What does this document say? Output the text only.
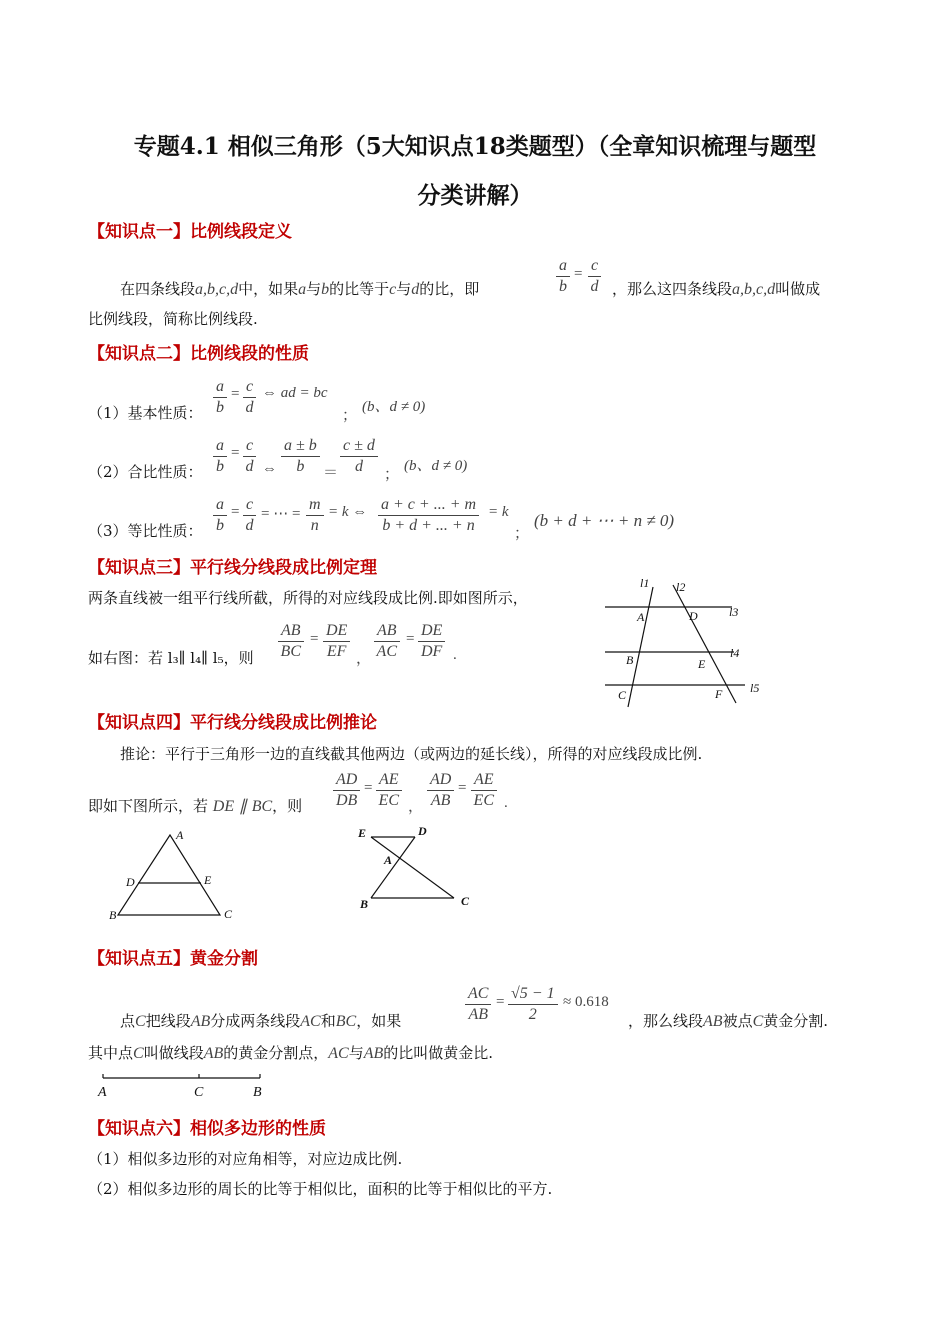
专题4.1 相似三角形（5大知识点18类题型）（全章知识梳理与题型
分类讲解）
【知识点一】比例线段定义
在四条线段a,b,c,d中，如果a与b的比等于c与d的比，即	$\frac{a}{b} = \frac{c}{d}$ ，那么这四条线段a,b,c,d叫做成
比例线段，简称比例线段.
【知识点二】比例线段的性质
（1）基本性质： $\frac{a}{b} = \frac{c}{d}$ ⇔ ad = bc
；
(b、d ≠ 0)
（2）合比性质： $\frac{a}{b} = \frac{c}{d}$ ⇔ $\frac{a \pm b}{b} = \frac{c \pm d}{d}$ ；
(b、d ≠ 0)
（3）等比性质： $\frac{a}{b} = \frac{c}{d}$ = ⋯ = $\frac{m}{n} = k$ ⇔ $\frac{a + c + ... + m}{b + d + ... + n} = k$
；
(b + d + ⋯ + n ≠ 0)
【知识点三】平行线分线段成比例定理
两条直线被一组平行线所截，所得的对应线段成比例.即如图所示，
如右图：若 l₃∥ l₄∥ l₅，则 $\frac{AB}{BC} = \frac{DE}{EF}$ ， $\frac{AB}{AC} = \frac{DE}{DF}$ .
l1 l2
l3
l4
l5
A	D
B	E
C	F
【知识点四】平行线分线段成比例推论
推论：平行于三角形一边的直线截其他两边（或两边的延长线），所得的对应线段成比例.
即如下图所示，若 DE ∥ BC，则 $\frac{AD}{DB} = \frac{AE}{EC}$ ， $\frac{AD}{AB} = \frac{AE}{EC}$ .
A
D	E
B	C
E	D
A
B	C
【知识点五】黄金分割
点C把线段AB分成两条线段AC和BC，如果	$\frac{AC}{AB} = \frac{√5 - 1}{2} \approx 0.618$
，那么线段AB被点C黄金分割.
其中点C叫做线段AB的黄金分割点，AC与AB的比叫做黄金比.
A	C	B
【知识点六】相似多边形的性质
（1）相似多边形的对应角相等，对应边成比例.
（2）相似多边形的周长的比等于相似比，面积的比等于相似比的平方.
